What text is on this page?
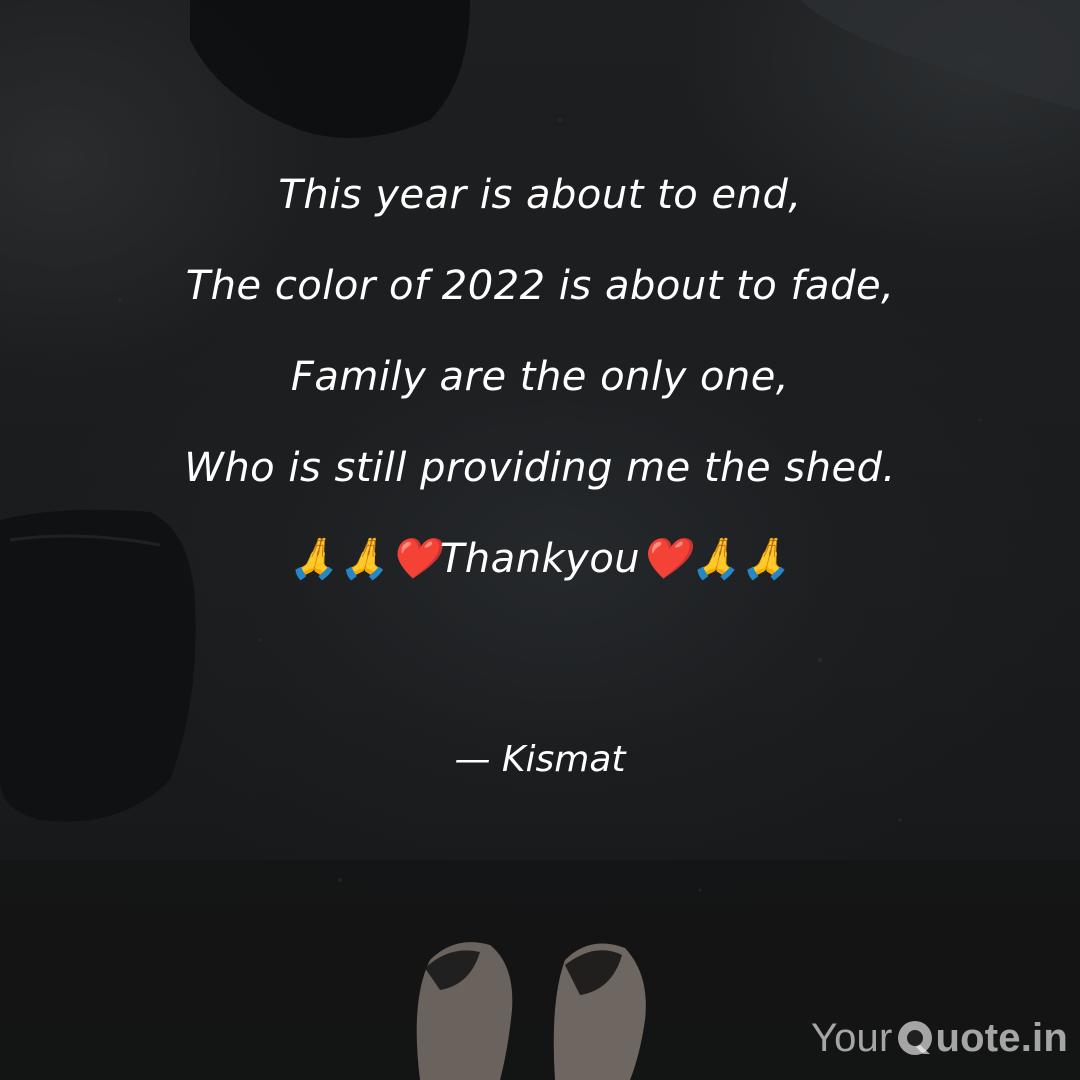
This year is about to end,
The color of 2022 is about to fade,
Family are the only one,
Who is still providing me the shed.
🙏🙏❤️Thankyou❤️🙏🙏
— Kismat
Your uote.in
